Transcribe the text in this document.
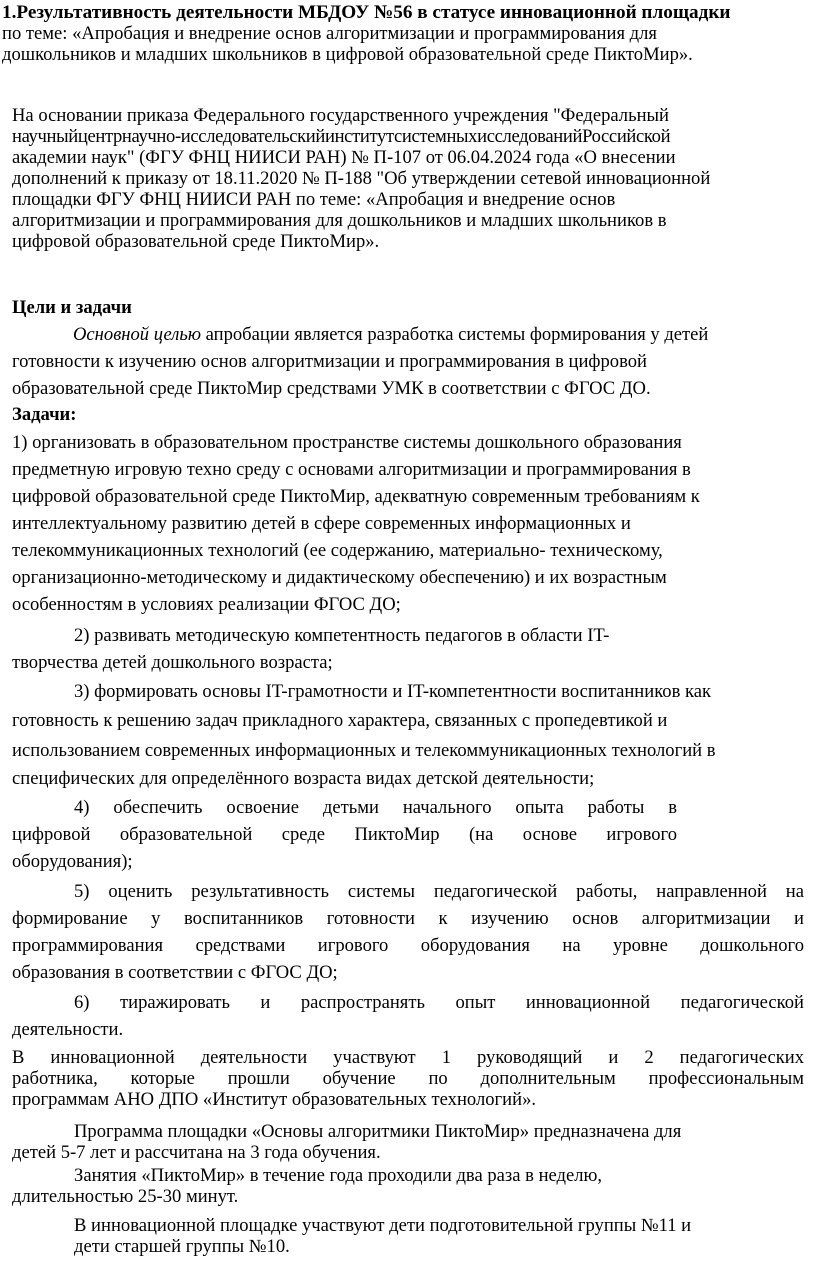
1.Результативность деятельности МБДОУ №56 в статусе инновационной площадки
по теме: «Апробация и внедрение основ алгоритмизации и программирования для
дошкольников и младших школьников в цифровой образовательной среде ПиктоМир».
На основании приказа Федерального государственного учреждения "Федеральный
научныйцентрнаучно-исследовательскийинститутсистемныхисследованийРоссийской
академии наук" (ФГУ ФНЦ НИИСИ РАН) № П-107 от 06.04.2024 года «О внесении
дополнений к приказу от 18.11.2020 № П-188 "Об утверждении сетевой инновационной
площадки ФГУ ФНЦ НИИСИ РАН по теме: «Апробация и внедрение основ
алгоритмизации и программирования для дошкольников и младших школьников в
цифровой образовательной среде ПиктоМир».
Цели и задачи
Основной целью апробации является разработка системы формирования у детей
готовности к изучению основ алгоритмизации и программирования в цифровой
образовательной среде ПиктоМир средствами УМК в соответствии с ФГОС ДО.
Задачи:
1) организовать в образовательном пространстве системы дошкольного образования
предметную игровую техно среду с основами алгоритмизации и программирования в
цифровой образовательной среде ПиктоМир, адекватную современным требованиям к
интеллектуальному развитию детей в сфере современных информационных и
телекоммуникационных технологий (ее содержанию, материально- техническому,
организационно-методическому и дидактическому обеспечению) и их возрастным
особенностям в условиях реализации ФГОС ДО;
2) развивать методическую компетентность педагогов в области IT-
творчества детей дошкольного возраста;
3) формировать основы IT-грамотности и IT-компетентности воспитанников как
готовность к решению задач прикладного характера, связанных с пропедевтикой и
использованием современных информационных и телекоммуникационных технологий в
специфических для определённого возраста видах детской деятельности;
4) обеспечить освоение детьми начального опыта работы в
цифровой образовательной среде ПиктоМир (на основе игрового
оборудования);
5) оценить результативность системы педагогической работы, направленной на
формирование у воспитанников готовности к изучению основ алгоритмизации и
программирования средствами игрового оборудования на уровне дошкольного
образования в соответствии с ФГОС ДО;
6) тиражировать и распространять опыт инновационной педагогической
деятельности.
В инновационной деятельности участвуют 1 руководящий и 2 педагогических
работника, которые прошли обучение по дополнительным профессиональным
программам АНО ДПО «Институт образовательных технологий».
Программа площадки «Основы алгоритмики ПиктоМир» предназначена для
детей 5-7 лет и рассчитана на 3 года обучения.
Занятия «ПиктоМир» в течение года проходили два раза в неделю,
длительностью 25-30 минут.
В инновационной площадке участвуют дети подготовительной группы №11 и
дети старшей группы №10.
